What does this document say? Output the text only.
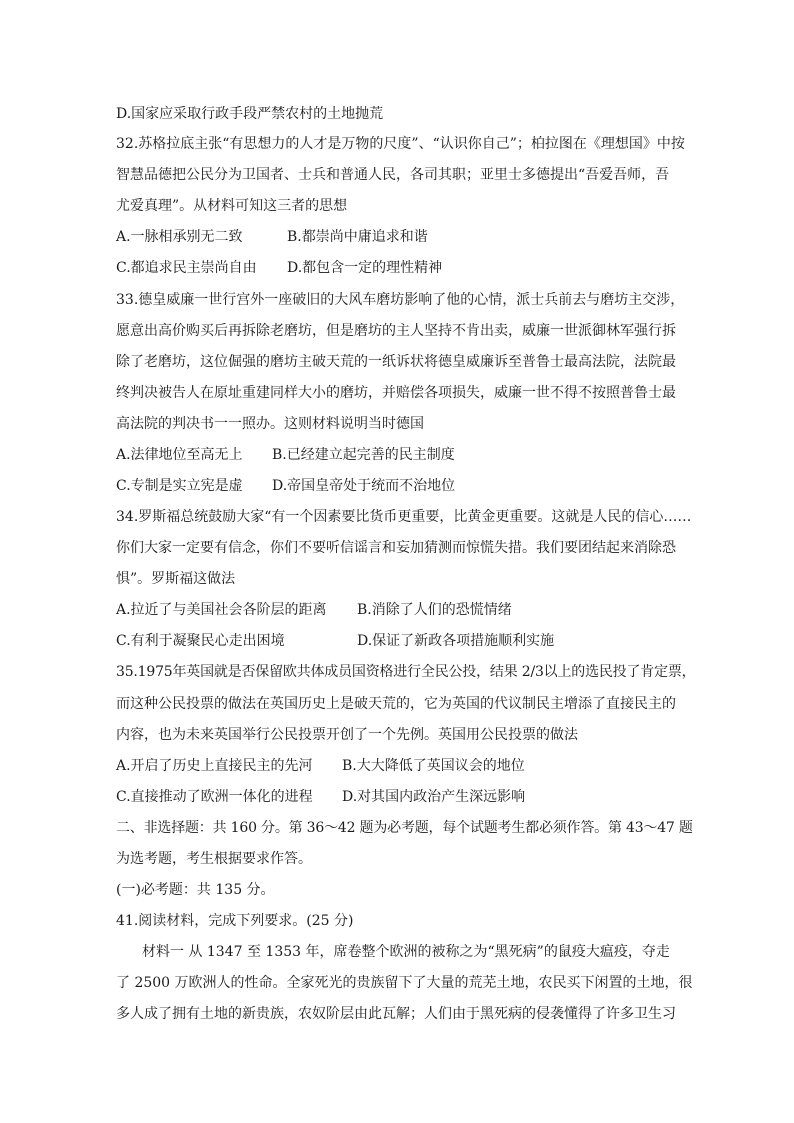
D.国家应采取行政手段严禁农村的土地抛荒
32.苏格拉底主张“有思想力的人才是万物的尺度”、“认识你自己”；柏拉图在《理想国》中按
智慧品德把公民分为卫国者、士兵和普通人民，各司其职；亚里士多德提出“吾爱吾师，吾
尤爱真理”。从材料可知这三者的思想
A.一脉相承别无二致	B.都崇尚中庸追求和谐
C.都追求民主崇尚自由 D.都包含一定的理性精神
33.德皇威廉一世行宫外一座破旧的大风车磨坊影响了他的心情，派士兵前去与磨坊主交涉，
愿意出高价购买后再拆除老磨坊，但是磨坊的主人坚持不肯出卖，威廉一世派御林军强行拆
除了老磨坊，这位倔强的磨坊主破天荒的一纸诉状将德皇威廉诉至普鲁士最高法院，法院最
终判决被告人在原址重建同样大小的磨坊，并赔偿各项损失，威廉一世不得不按照普鲁士最
高法院的判决书一一照办。这则材料说明当时德国
A.法律地位至高无上 B.已经建立起完善的民主制度
C.专制是实立宪是虚 D.帝国皇帝处于统而不治地位
34.罗斯福总统鼓励大家“有一个因素要比货币更重要，比黄金更重要。这就是人民的信心……
你们大家一定要有信念，你们不要听信谣言和妄加猜测而惊慌失措。我们要团结起来消除恐
惧”。罗斯福这做法
A.拉近了与美国社会各阶层的距离 B.消除了人们的恐慌情绪
C.有利于凝聚民心走出困境	D.保证了新政各项措施顺利实施
35.1975年英国就是否保留欧共体成员国资格进行全民公投，结果 2/3以上的选民投了肯定票，
而这种公民投票的做法在英国历史上是破天荒的，它为英国的代议制民主增添了直接民主的
内容，也为未来英国举行公民投票开创了一个先例。英国用公民投票的做法
A.开启了历史上直接民主的先河 B.大大降低了英国议会的地位
C.直接推动了欧洲一体化的进程 D.对其国内政治产生深远影响
二、非选择题：共 160 分。第 36～42 题为必考题，每个试题考生都必须作答。第 43～47 题
为选考题，考生根据要求作答。
(一)必考题：共 135 分。
41.阅读材料，完成下列要求。(25 分)
材料一 从 1347 至 1353 年，席卷整个欧洲的被称之为“黑死病”的鼠疫大瘟疫，夺走
了 2500 万欧洲人的性命。全家死光的贵族留下了大量的荒芜土地，农民买下闲置的土地，很
多人成了拥有土地的新贵族，农奴阶层由此瓦解；人们由于黑死病的侵袭懂得了许多卫生习
